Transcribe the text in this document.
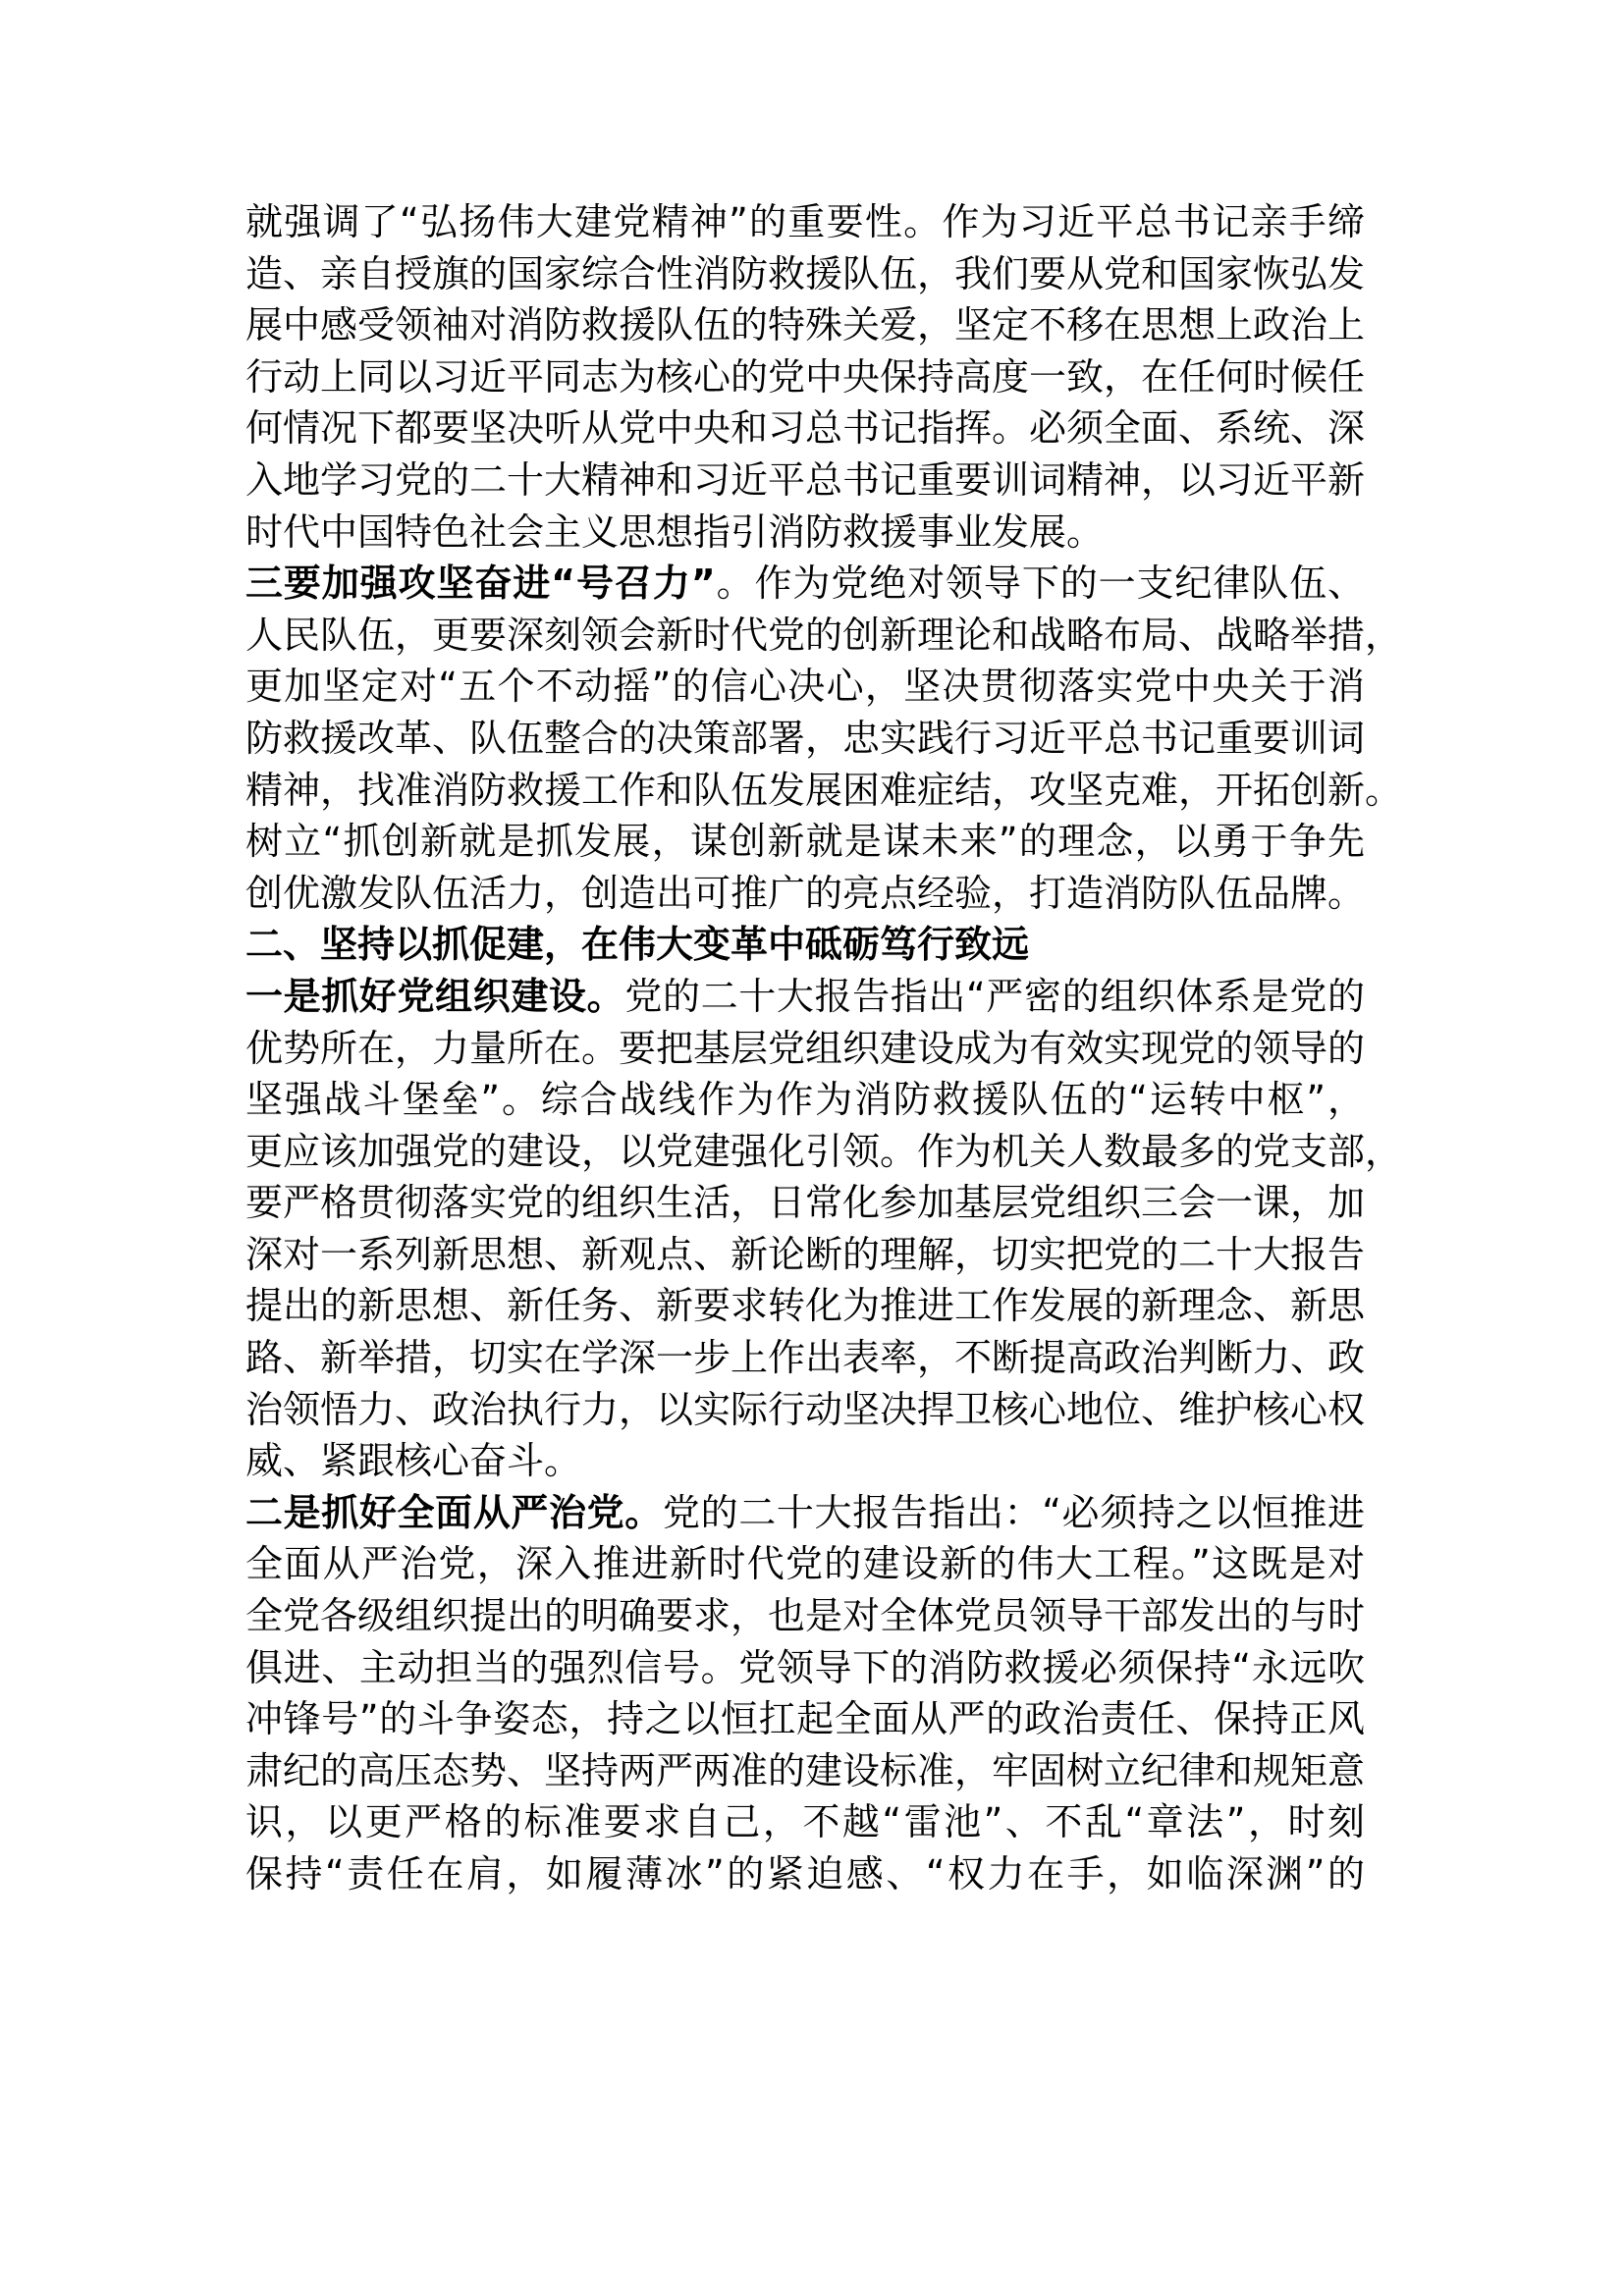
就强调了“弘扬伟大建党精神”的重要性。作为习近平总书记亲手缔
造、亲自授旗的国家综合性消防救援队伍，我们要从党和国家恢弘发
展中感受领袖对消防救援队伍的特殊关爱，坚定不移在思想上政治上
行动上同以习近平同志为核心的党中央保持高度一致，在任何时候任
何情况下都要坚决听从党中央和习总书记指挥。必须全面、系统、深
入地学习党的二十大精神和习近平总书记重要训词精神，以习近平新
时代中国特色社会主义思想指引消防救援事业发展。
三要加强攻坚奋进“号召力”。作为党绝对领导下的一支纪律队伍、
人民队伍，更要深刻领会新时代党的创新理论和战略布局、战略举措，
更加坚定对“五个不动摇”的信心决心，坚决贯彻落实党中央关于消
防救援改革、队伍整合的决策部署，忠实践行习近平总书记重要训词
精神，找准消防救援工作和队伍发展困难症结，攻坚克难，开拓创新。
树立“抓创新就是抓发展，谋创新就是谋未来”的理念，以勇于争先
创优激发队伍活力，创造出可推广的亮点经验，打造消防队伍品牌。
二、坚持以抓促建，在伟大变革中砥砺笃行致远
一是抓好党组织建设。党的二十大报告指出“严密的组织体系是党的
优势所在，力量所在。要把基层党组织建设成为有效实现党的领导的
坚强战斗堡垒”。综合战线作为作为消防救援队伍的“运转中枢”，
更应该加强党的建设，以党建强化引领。作为机关人数最多的党支部，
要严格贯彻落实党的组织生活，日常化参加基层党组织三会一课，加
深对一系列新思想、新观点、新论断的理解，切实把党的二十大报告
提出的新思想、新任务、新要求转化为推进工作发展的新理念、新思
路、新举措，切实在学深一步上作出表率，不断提高政治判断力、政
治领悟力、政治执行力，以实际行动坚决捍卫核心地位、维护核心权
威、紧跟核心奋斗。
二是抓好全面从严治党。党的二十大报告指出：“必须持之以恒推进
全面从严治党，深入推进新时代党的建设新的伟大工程。”这既是对
全党各级组织提出的明确要求，也是对全体党员领导干部发出的与时
俱进、主动担当的强烈信号。党领导下的消防救援必须保持“永远吹
冲锋号”的斗争姿态，持之以恒扛起全面从严的政治责任、保持正风
肃纪的高压态势、坚持两严两准的建设标准，牢固树立纪律和规矩意
识，以更严格的标准要求自己，不越“雷池”、不乱“章法”，时刻
保持“责任在肩，如履薄冰”的紧迫感、“权力在手，如临深渊”的
